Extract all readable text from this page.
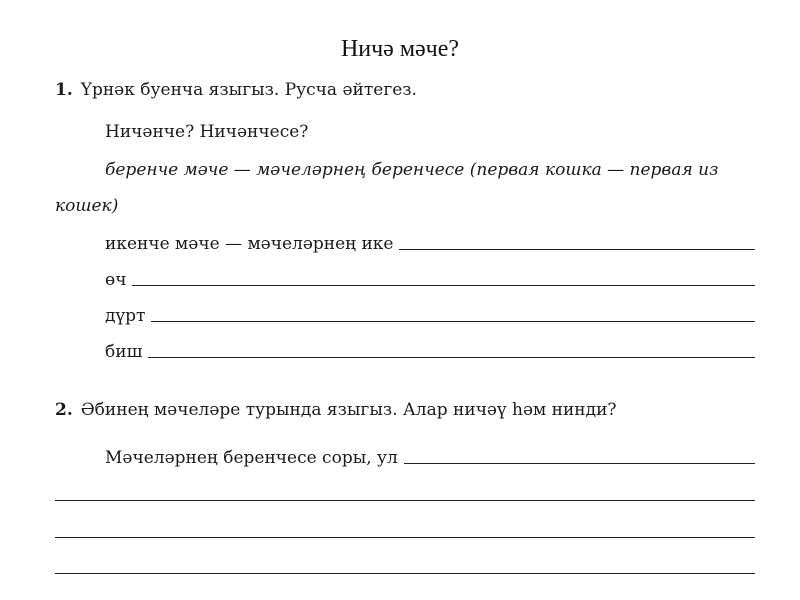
Ничә мәче?
1. Үрнәк буенча языгыз. Русча әйтегез.
Ничәнче? Ничәнчесе?
беренче мәче — мәчеләрнең беренчесе (первая кошка — первая из
кошек)
икенче мәче — мәчеләрнең ике
өч
дүрт
биш
2. Әбинең мәчеләре турында языгыз. Алар ничәү һәм нинди?
Мәчеләрнең беренчесе соры, ул
